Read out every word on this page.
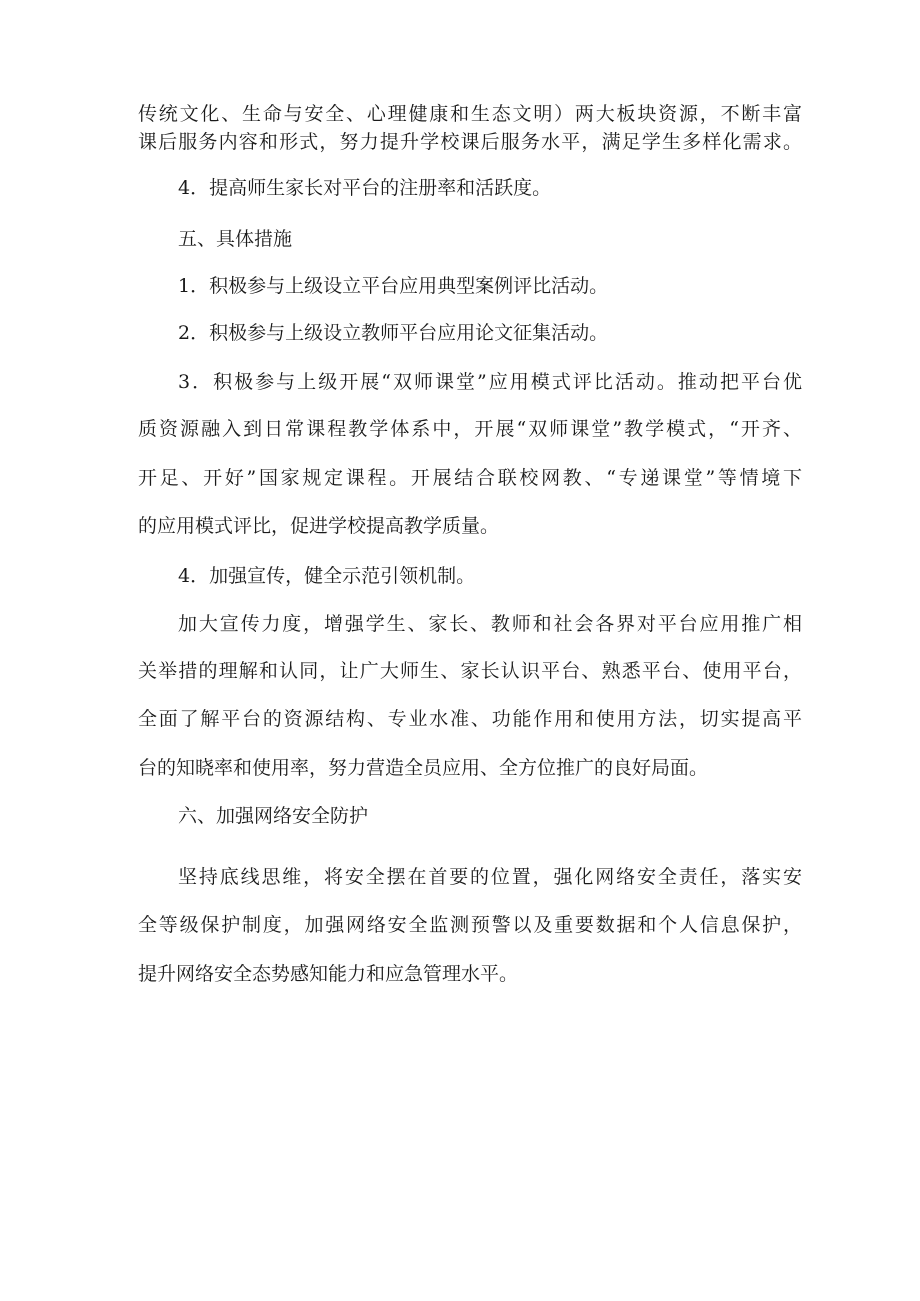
传统文化、生命与安全、心理健康和生态文明）两大板块资源，不断丰富
课后服务内容和形式，努力提升学校课后服务水平，满足学生多样化需求。
4．提高师生家长对平台的注册率和活跃度。
五、具体措施
1．积极参与上级设立平台应用典型案例评比活动。
2．积极参与上级设立教师平台应用论文征集活动。
3．积极参与上级开展“双师课堂”应用模式评比活动。推动把平台优
质资源融入到日常课程教学体系中，开展“双师课堂”教学模式，“开齐、
开足、开好”国家规定课程。开展结合联校网教、“专递课堂”等情境下
的应用模式评比，促进学校提高教学质量。
4．加强宣传，健全示范引领机制。
加大宣传力度，增强学生、家长、教师和社会各界对平台应用推广相
关举措的理解和认同，让广大师生、家长认识平台、熟悉平台、使用平台，
全面了解平台的资源结构、专业水准、功能作用和使用方法，切实提高平
台的知晓率和使用率，努力营造全员应用、全方位推广的良好局面。
六、加强网络安全防护
坚持底线思维，将安全摆在首要的位置，强化网络安全责任，落实安
全等级保护制度，加强网络安全监测预警以及重要数据和个人信息保护，
提升网络安全态势感知能力和应急管理水平。
